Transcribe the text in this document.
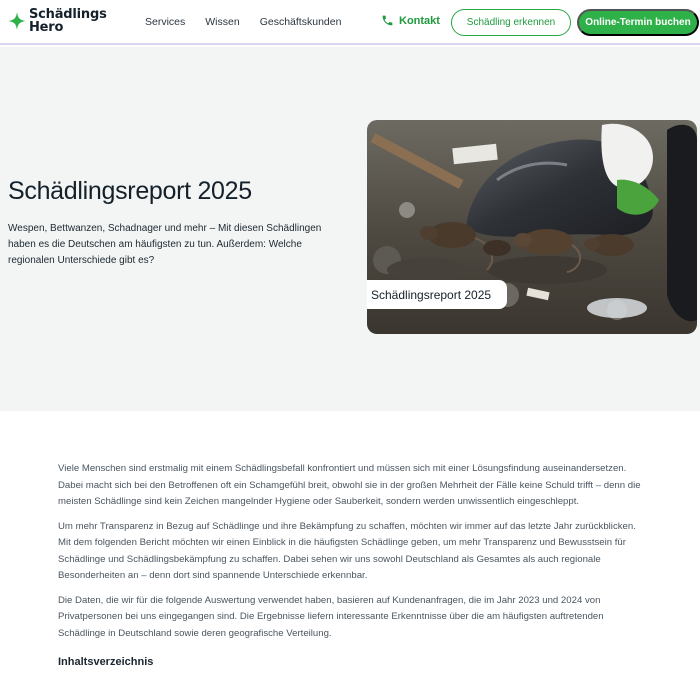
Schädlings
Hero	Services Wissen Geschäftskunden	Kontakt	Schädling erkennen	Online-Termin buchen
Schädlingsreport 2025

Wespen, Bettwanzen, Schadnager und mehr – Mit diesen Schädlingen haben es die Deutschen am häufigsten zu tun. Außerdem: Welche regionalen Unterschiede gibt es?

Schädlingsreport 2025

Viele Menschen sind erstmalig mit einem Schädlingsbefall konfrontiert und müssen sich mit einer Lösungsfindung auseinandersetzen. Dabei macht sich bei den Betroffenen oft ein Schamgefühl breit, obwohl sie in der großen Mehrheit der Fälle keine Schuld trifft – denn die meisten Schädlinge sind kein Zeichen mangelnder Hygiene oder Sauberkeit, sondern werden unwissentlich eingeschleppt.

Um mehr Transparenz in Bezug auf Schädlinge und ihre Bekämpfung zu schaffen, möchten wir immer auf das letzte Jahr zurückblicken. Mit dem folgenden Bericht möchten wir einen Einblick in die häufigsten Schädlinge geben, um mehr Transparenz und Bewusstsein für Schädlinge und Schädlingsbekämpfung zu schaffen. Dabei sehen wir uns sowohl Deutschland als Gesamtes als auch regionale Besonderheiten an – denn dort sind spannende Unterschiede erkennbar.

Die Daten, die wir für die folgende Auswertung verwendet haben, basieren auf Kundenanfragen, die im Jahr 2023 und 2024 von Privatpersonen bei uns eingegangen sind. Die Ergebnisse liefern interessante Erkenntnisse über die am häufigsten auftretenden Schädlinge in Deutschland sowie deren geografische Verteilung.

Inhaltsverzeichnis
